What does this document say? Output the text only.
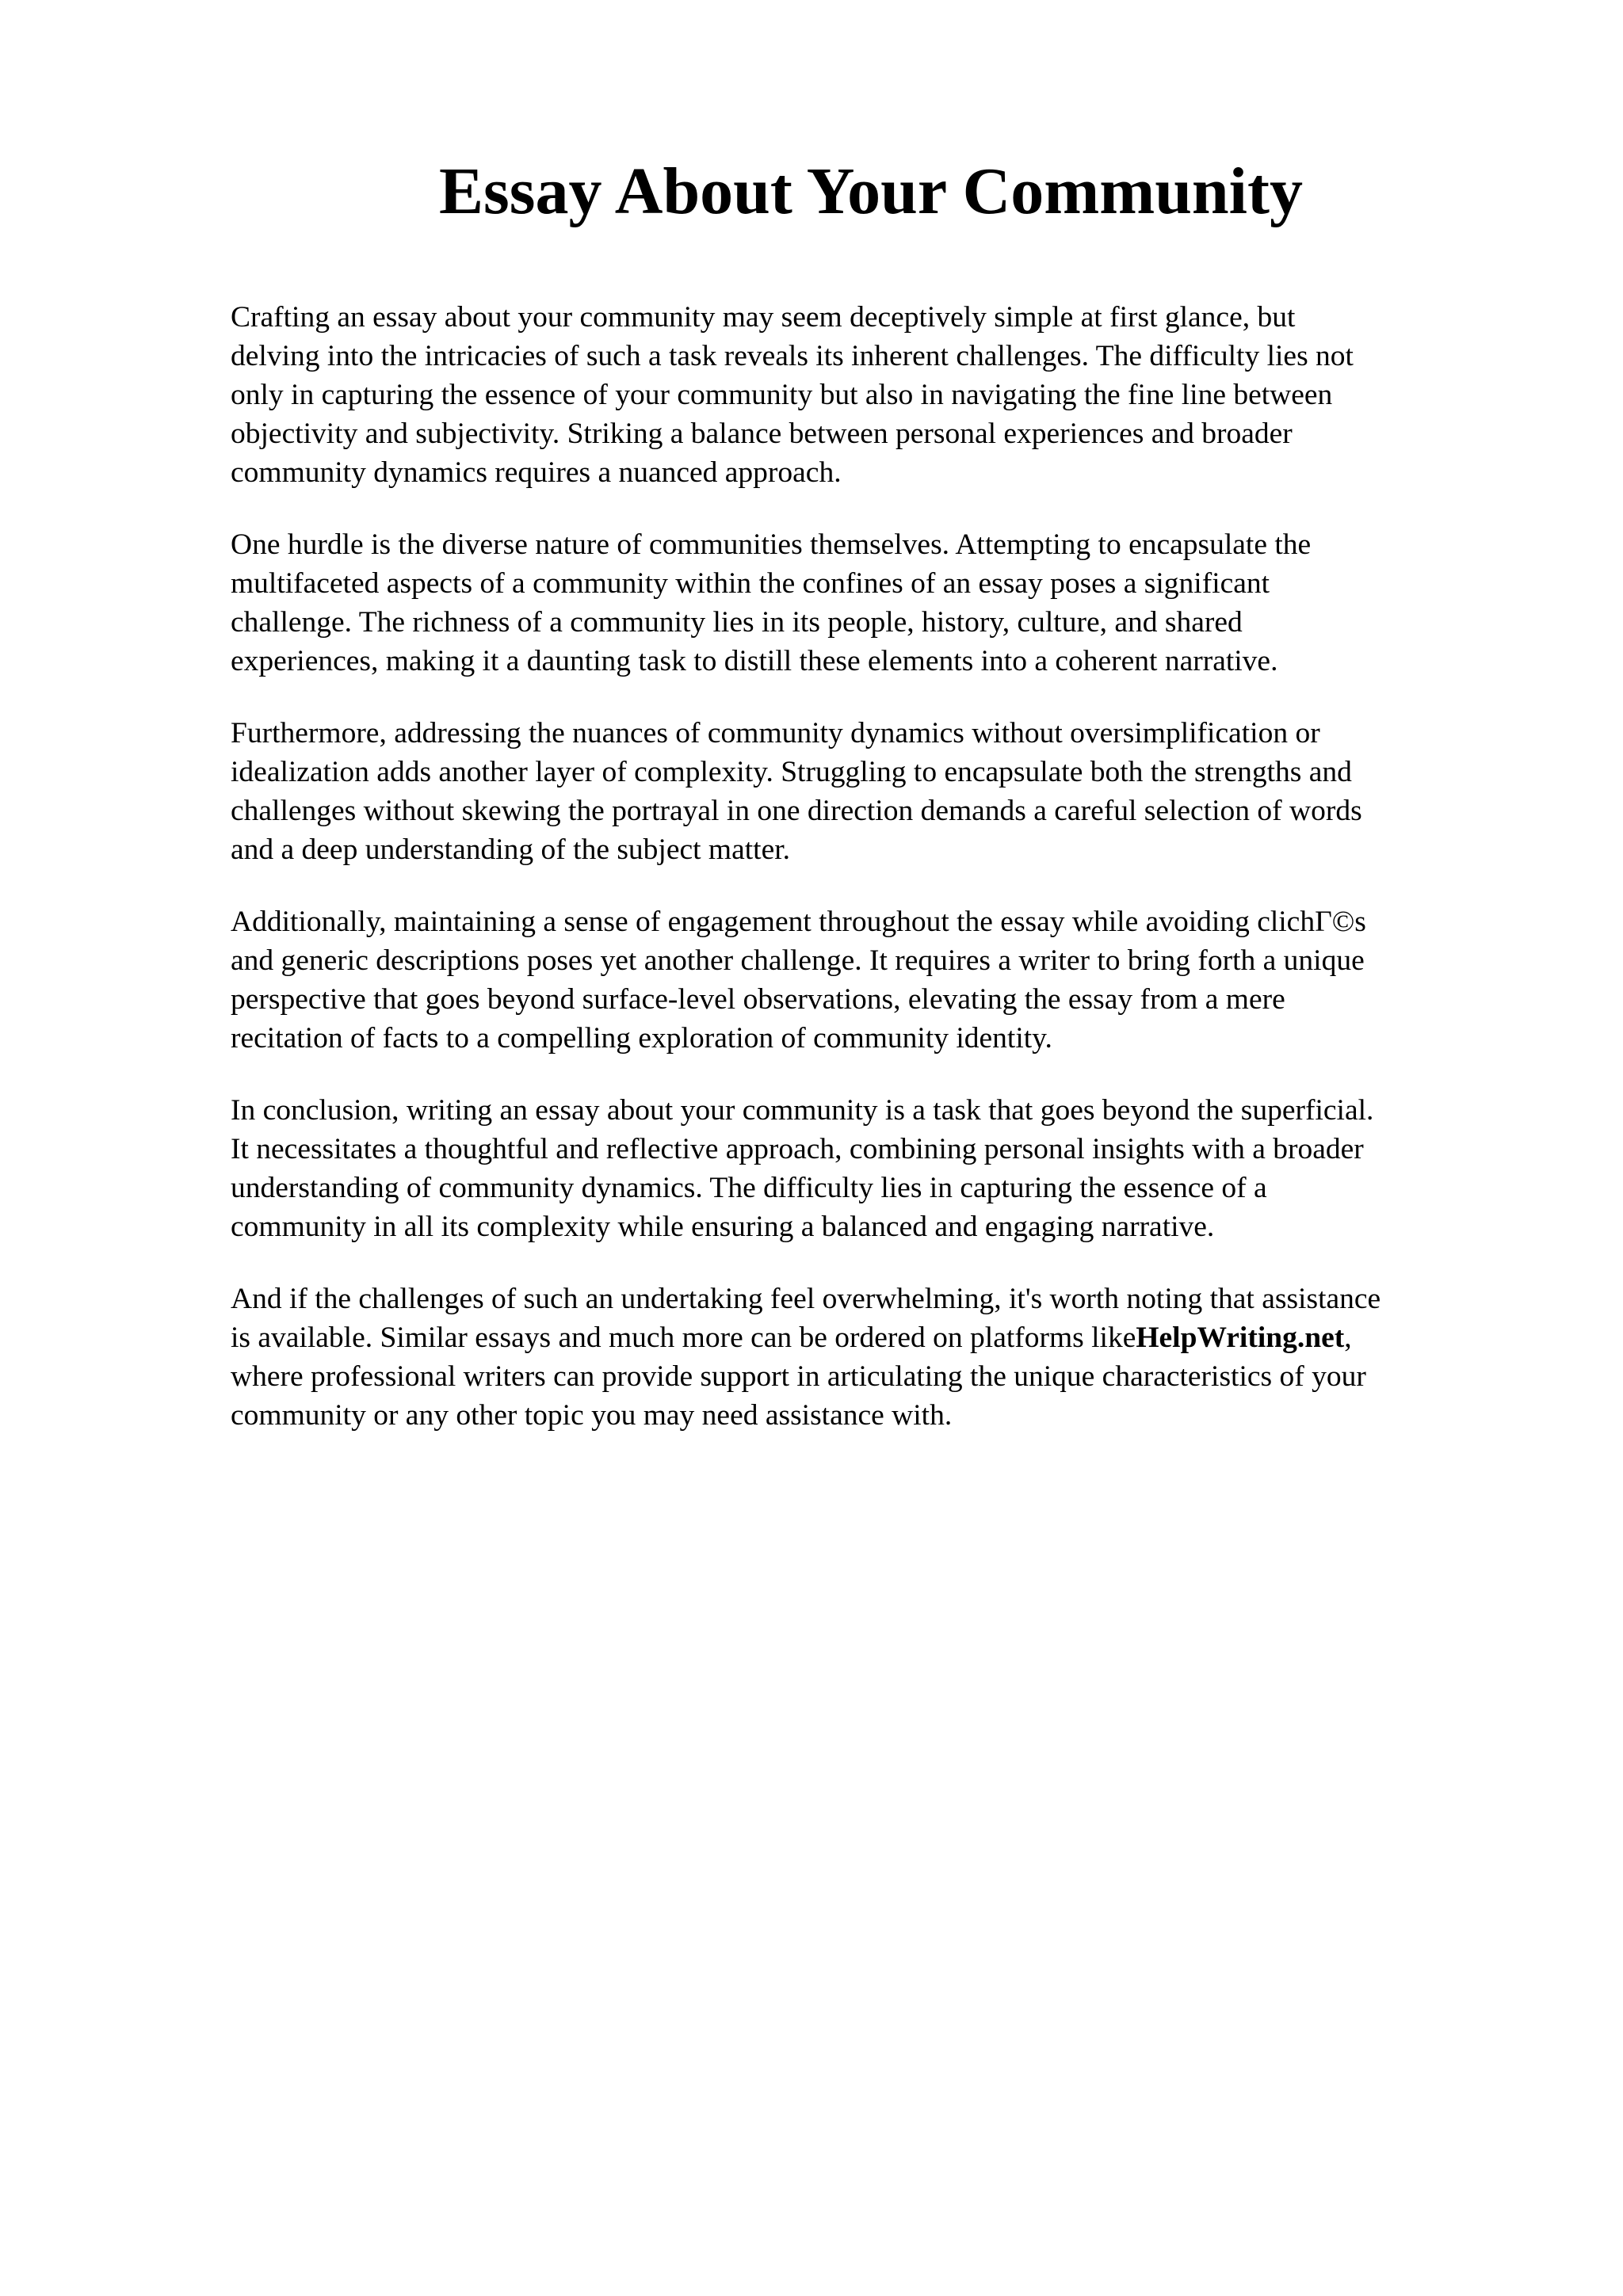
Essay About Your Community

Crafting an essay about your community may seem deceptively simple at first glance, but
delving into the intricacies of such a task reveals its inherent challenges. The difficulty lies not
only in capturing the essence of your community but also in navigating the fine line between
objectivity and subjectivity. Striking a balance between personal experiences and broader
community dynamics requires a nuanced approach.

One hurdle is the diverse nature of communities themselves. Attempting to encapsulate the
multifaceted aspects of a community within the confines of an essay poses a significant
challenge. The richness of a community lies in its people, history, culture, and shared
experiences, making it a daunting task to distill these elements into a coherent narrative.

Furthermore, addressing the nuances of community dynamics without oversimplification or
idealization adds another layer of complexity. Struggling to encapsulate both the strengths and
challenges without skewing the portrayal in one direction demands a careful selection of words
and a deep understanding of the subject matter.

Additionally, maintaining a sense of engagement throughout the essay while avoiding clichΓ©s
and generic descriptions poses yet another challenge. It requires a writer to bring forth a unique
perspective that goes beyond surface-level observations, elevating the essay from a mere
recitation of facts to a compelling exploration of community identity.

In conclusion, writing an essay about your community is a task that goes beyond the superficial.
It necessitates a thoughtful and reflective approach, combining personal insights with a broader
understanding of community dynamics. The difficulty lies in capturing the essence of a
community in all its complexity while ensuring a balanced and engaging narrative.

And if the challenges of such an undertaking feel overwhelming, it's worth noting that assistance
is available. Similar essays and much more can be ordered on platforms likeHelpWriting.net,
where professional writers can provide support in articulating the unique characteristics of your
community or any other topic you may need assistance with.
